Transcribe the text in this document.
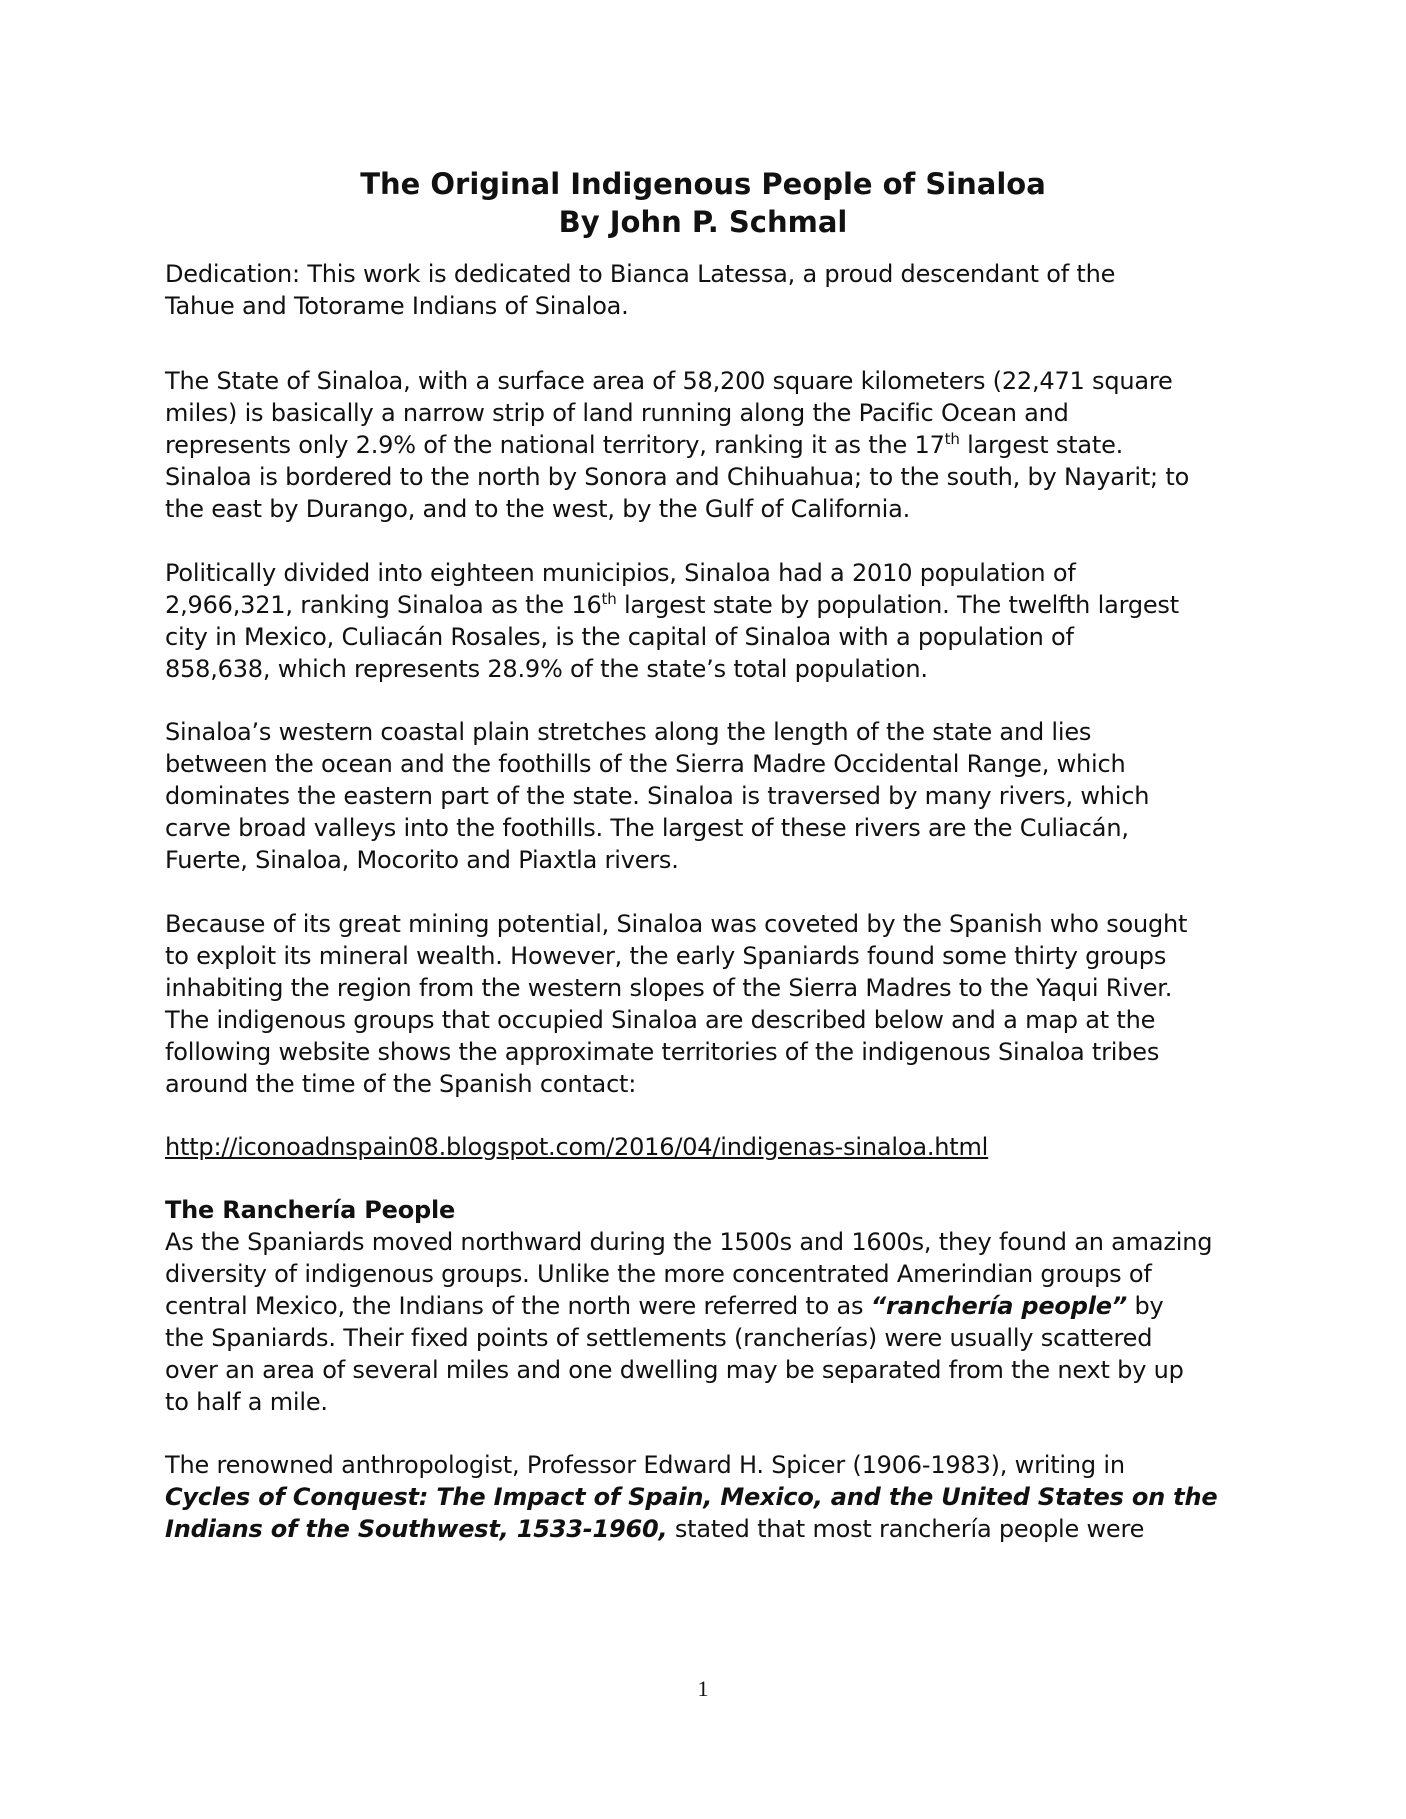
The Original Indigenous People of Sinaloa
By John P. Schmal
Dedication: This work is dedicated to Bianca Latessa, a proud descendant of the
Tahue and Totorame Indians of Sinaloa.
The State of Sinaloa, with a surface area of 58,200 square kilometers (22,471 square
miles) is basically a narrow strip of land running along the Pacific Ocean and
represents only 2.9% of the national territory, ranking it as the 17th largest state.
Sinaloa is bordered to the north by Sonora and Chihuahua; to the south, by Nayarit; to
the east by Durango, and to the west, by the Gulf of California.
Politically divided into eighteen municipios, Sinaloa had a 2010 population of
2,966,321, ranking Sinaloa as the 16th largest state by population. The twelfth largest
city in Mexico, Culiacán Rosales, is the capital of Sinaloa with a population of
858,638, which represents 28.9% of the state’s total population.
Sinaloa’s western coastal plain stretches along the length of the state and lies
between the ocean and the foothills of the Sierra Madre Occidental Range, which
dominates the eastern part of the state. Sinaloa is traversed by many rivers, which
carve broad valleys into the foothills. The largest of these rivers are the Culiacán,
Fuerte, Sinaloa, Mocorito and Piaxtla rivers.
Because of its great mining potential, Sinaloa was coveted by the Spanish who sought
to exploit its mineral wealth. However, the early Spaniards found some thirty groups
inhabiting the region from the western slopes of the Sierra Madres to the Yaqui River.
The indigenous groups that occupied Sinaloa are described below and a map at the
following website shows the approximate territories of the indigenous Sinaloa tribes
around the time of the Spanish contact:
http://iconoadnspain08.blogspot.com/2016/04/indigenas-sinaloa.html
The Ranchería People
As the Spaniards moved northward during the 1500s and 1600s, they found an amazing
diversity of indigenous groups. Unlike the more concentrated Amerindian groups of
central Mexico, the Indians of the north were referred to as “ranchería people” by
the Spaniards. Their fixed points of settlements (rancherías) were usually scattered
over an area of several miles and one dwelling may be separated from the next by up
to half a mile.
The renowned anthropologist, Professor Edward H. Spicer (1906-1983), writing in
Cycles of Conquest: The Impact of Spain, Mexico, and the United States on the
Indians of the Southwest, 1533-1960, stated that most ranchería people were
1
